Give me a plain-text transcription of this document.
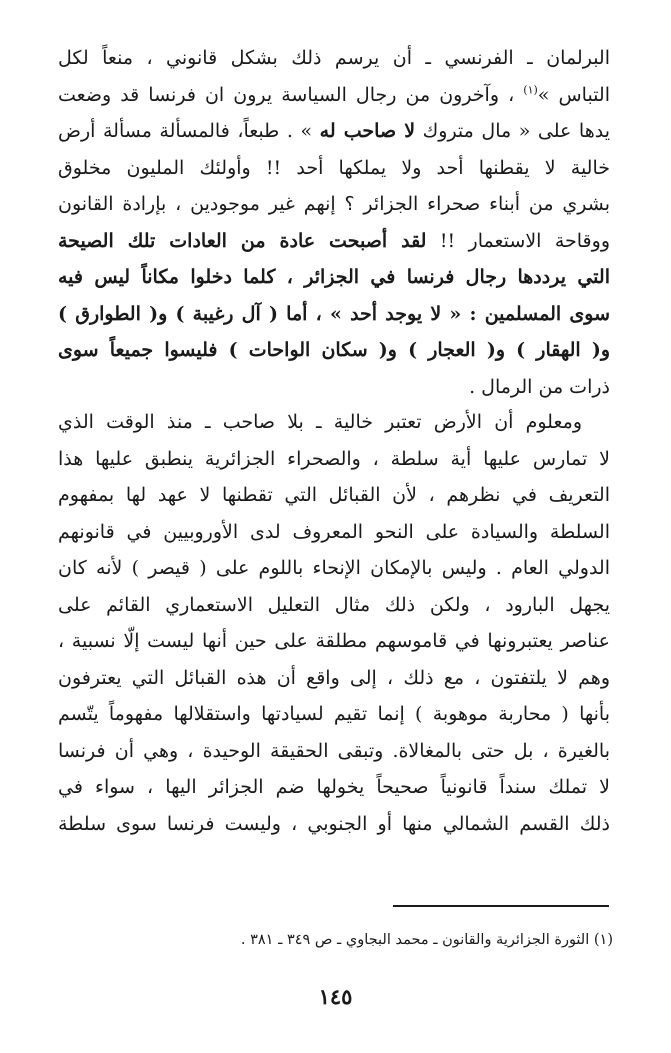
البرلمان ـ الفرنسي ـ أن يرسم ذلك بشكل قانوني ، منعاً لكل
التباس »$^{(١)}$ ، وآخرون من رجال السياسة يرون ان فرنسا قد وضعت
يدها على « مال متروك لا صاحب له » . طبعاً، فالمسألة مسألة أرض
خالية لا يقطنها أحد ولا يملكها أحد !! وأولئك المليون مخلوق
بشري من أبناء صحراء الجزائر ؟ إنهم غير موجودين ، بإرادة القانون
ووقاحة الاستعمار !! لقد أصبحت عادة من العادات تلك الصيحة
التي يرددها رجال فرنسا في الجزائر ، كلما دخلوا مكاناً ليس فيه
سوى المسلمين : « لا يوجد أحد » ، أما ( آل رغيبة ) و( الطوارق )
و( الهقار ) و( العجار ) و( سكان الواحات ) فليسوا جميعاً سوى
ذرات من الرمال .
ومعلوم أن الأرض تعتبر خالية ـ بلا صاحب ـ منذ الوقت الذي
لا تمارس عليها أية سلطة ، والصحراء الجزائرية ينطبق عليها هذا
التعريف في نظرهم ، لأن القبائل التي تقطنها لا عهد لها بمفهوم
السلطة والسيادة على النحو المعروف لدى الأوروبيين في قانونهم
الدولي العام . وليس بالإمكان الإنحاء باللوم على ( قيصر ) لأنه كان
يجهل البارود ، ولكن ذلك مثال التعليل الاستعماري القائم على
عناصر يعتبرونها في قاموسهم مطلقة على حين أنها ليست إلّا نسبية ،
وهم لا يلتفتون ، مع ذلك ، إلى واقع أن هذه القبائل التي يعترفون
بأنها ( محاربة موهوبة ) إنما تقيم لسيادتها واستقلالها مفهوماً يتّسم
بالغيرة ، بل حتى بالمغالاة. وتبقى الحقيقة الوحيدة ، وهي أن فرنسا
لا تملك سنداً قانونياً صحيحاً يخولها ضم الجزائر اليها ، سواء في
ذلك القسم الشمالي منها أو الجنوبي ، وليست فرنسا سوى سلطة
(١) الثورة الجزائرية والقانون ـ محمد البجاوي ـ ص ٣٤٩ ـ ٣٨١ .
١٤٥
